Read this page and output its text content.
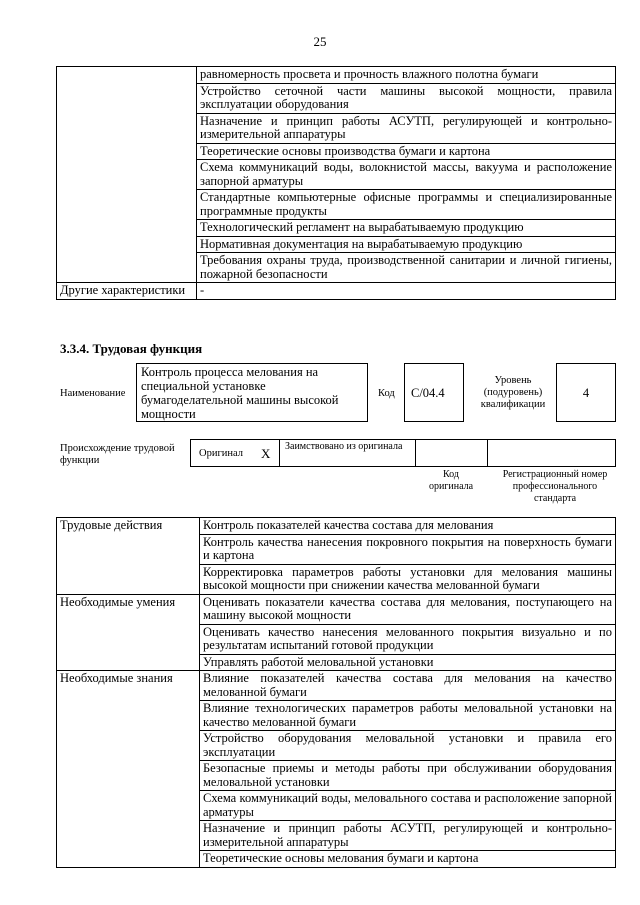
25
	равномерность просвета и прочность влажного полотна бумаги
	Устройство сеточной части машины высокой мощности, правила эксплуатации оборудования
	Назначение и принцип работы АСУТП, регулирующей и контрольно-измерительной аппаратуры
	Теоретические основы производства бумаги и картона
	Схема коммуникаций воды, волокнистой массы, вакуума и расположение запорной арматуры
	Стандартные компьютерные офисные программы и специализированные программные продукты
	Технологический регламент на вырабатываемую продукцию
	Нормативная документация на вырабатываемую продукцию
	Требования охраны труда, производственной санитарии и личной гигиены, пожарной безопасности
Другие характеристики	-
3.3.4. Трудовая функция
Наименование
Контроль процесса мелования на специальной установке бумагоделательной машины высокой мощности
Код	C/04.4
Уровень (подуровень) квалификации
4
Происхождение трудовой функции
Оригинал X Заимствовано из оригинала
Код оригинала
Регистрационный номер профессионального стандарта
Трудовые действия	Контроль показателей качества состава для мелования
	Контроль качества нанесения покровного покрытия на поверхность бумаги и картона
	Корректировка параметров работы установки для мелования машины высокой мощности при снижении качества мелованной бумаги
Необходимые умения	Оценивать показатели качества состава для мелования, поступающего на машину высокой мощности
	Оценивать качество нанесения мелованного покрытия визуально и по результатам испытаний готовой продукции
	Управлять работой меловальной установки
Необходимые знания	Влияние показателей качества состава для мелования на качество мелованной бумаги
	Влияние технологических параметров работы меловальной установки на качество мелованной бумаги
	Устройство оборудования меловальной установки и правила его эксплуатации
	Безопасные приемы и методы работы при обслуживании оборудования меловальной установки
	Схема коммуникаций воды, меловального состава и расположение запорной арматуры
	Назначение и принцип работы АСУТП, регулирующей и контрольно-измерительной аппаратуры
	Теоретические основы мелования бумаги и картона
